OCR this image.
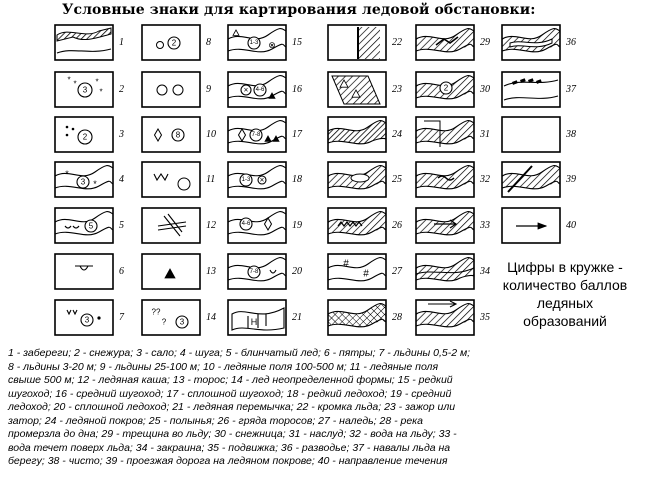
Условные знаки для картирования ледовой обстановки:
1
3
* * *
* 2
2	3
3
*
* 4
5	5
6
3	7
2	8
9
8	10
11
12
13
??
? 3 14
1-3 ⊗ 15
× 4-6	16
7-8	17
1-3 ×	18
4-6	19
7-8	20
H	21
22
23
24
25
26
#
# 27
28
29
2	30
31
32
33
34
35
36
37
38
39
40
Цифры в кружке -
количество баллов
ледяных
образований
1 - забереги; 2 - снежура; 3 - сало; 4 - шуга; 5 - блинчатый лед; 6 - пятры; 7 - льдины 0,5-2 м;
8 - льдины 3-20 м; 9 - льдины 25-100 м; 10 - ледяные поля 100-500 м; 11 - ледяные поля
свыше 500 м; 12 - ледяная каша; 13 - торос; 14 - лед неопределенной формы; 15 - редкий
шугоход; 16 - средний шугоход; 17 - сплошной шугоход; 18 - редкий ледоход; 19 - средний
ледоход; 20 - сплошной ледоход; 21 - ледяная перемычка; 22 - кромка льда; 23 - зажор или
затор; 24 - ледяной покров; 25 - полынья; 26 - гряда торосов; 27 - наледь; 28 - река
промерзла до дна; 29 - трещина во льду; 30 - снежница; 31 - наслуд; 32 - вода на льду; 33 -
вода течет поверх льда; 34 - закраина; 35 - подвижка; 36 - разводье; 37 - навалы льда на
берегу; 38 - чисто; 39 - проезжая дорога на ледяном покрове; 40 - направление течения
